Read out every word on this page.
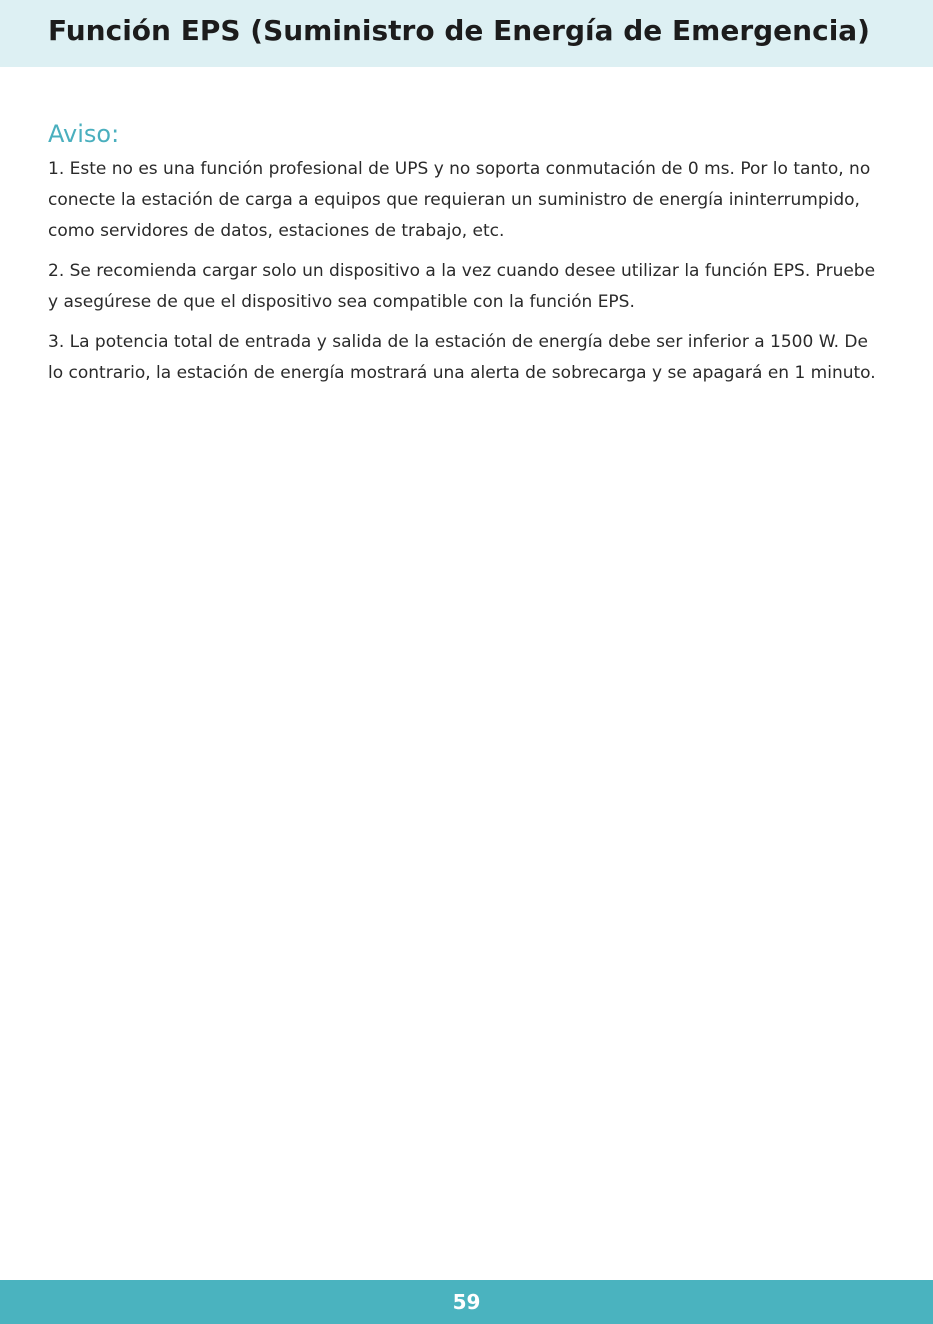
Función EPS (Suministro de Energía de Emergencia)
Aviso:

1. Este no es una función profesional de UPS y no soporta conmutación de 0 ms. Por lo tanto, no conecte la estación de carga a equipos que requieran un suministro de energía ininterrumpido, como servidores de datos, estaciones de trabajo, etc.

2. Se recomienda cargar solo un dispositivo a la vez cuando desee utilizar la función EPS. Pruebe y asegúrese de que el dispositivo sea compatible con la función EPS.

3. La potencia total de entrada y salida de la estación de energía debe ser inferior a 1500 W. De lo contrario, la estación de energía mostrará una alerta de sobrecarga y se apagará en 1 minuto.

59
